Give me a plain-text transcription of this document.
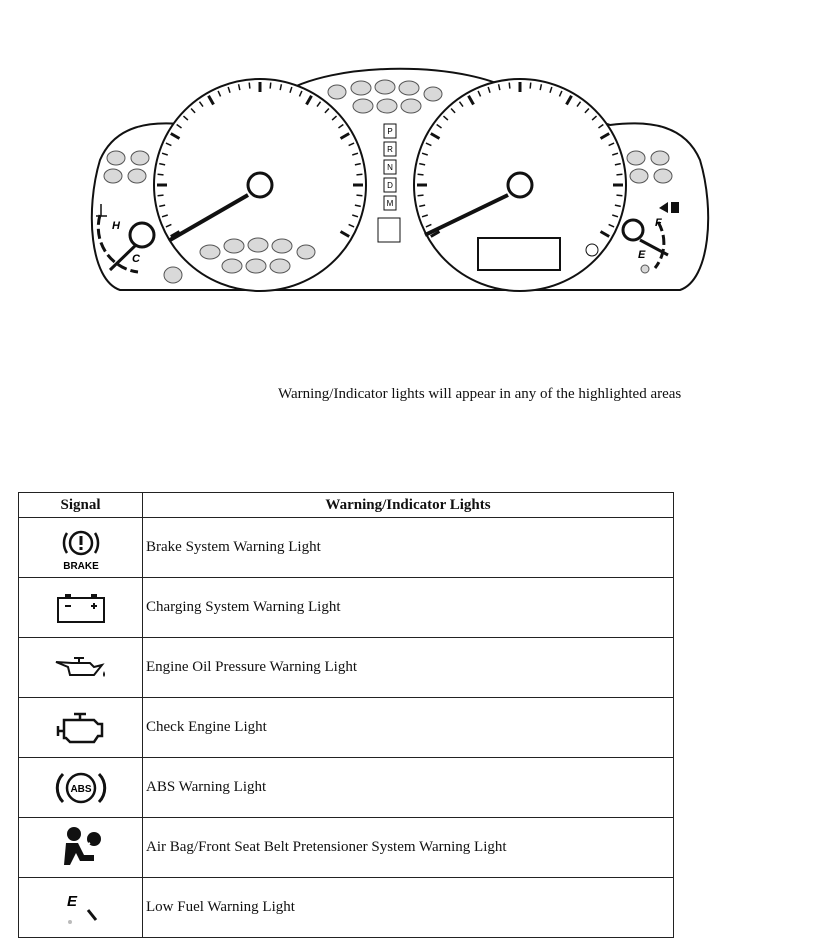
P
R
N
D
M
H
C
F
E
Warning/Indicator lights will appear in any of the highlighted areas
Signal	Warning/Indicator Lights

BRAKE	Brake System Warning Light
	Charging System Warning Light
	Engine Oil Pressure Warning Light
	Check Engine Light

ABS	ABS Warning Light
	Air Bag/Front Seat Belt Pretensioner System Warning Light

E	Low Fuel Warning Light
